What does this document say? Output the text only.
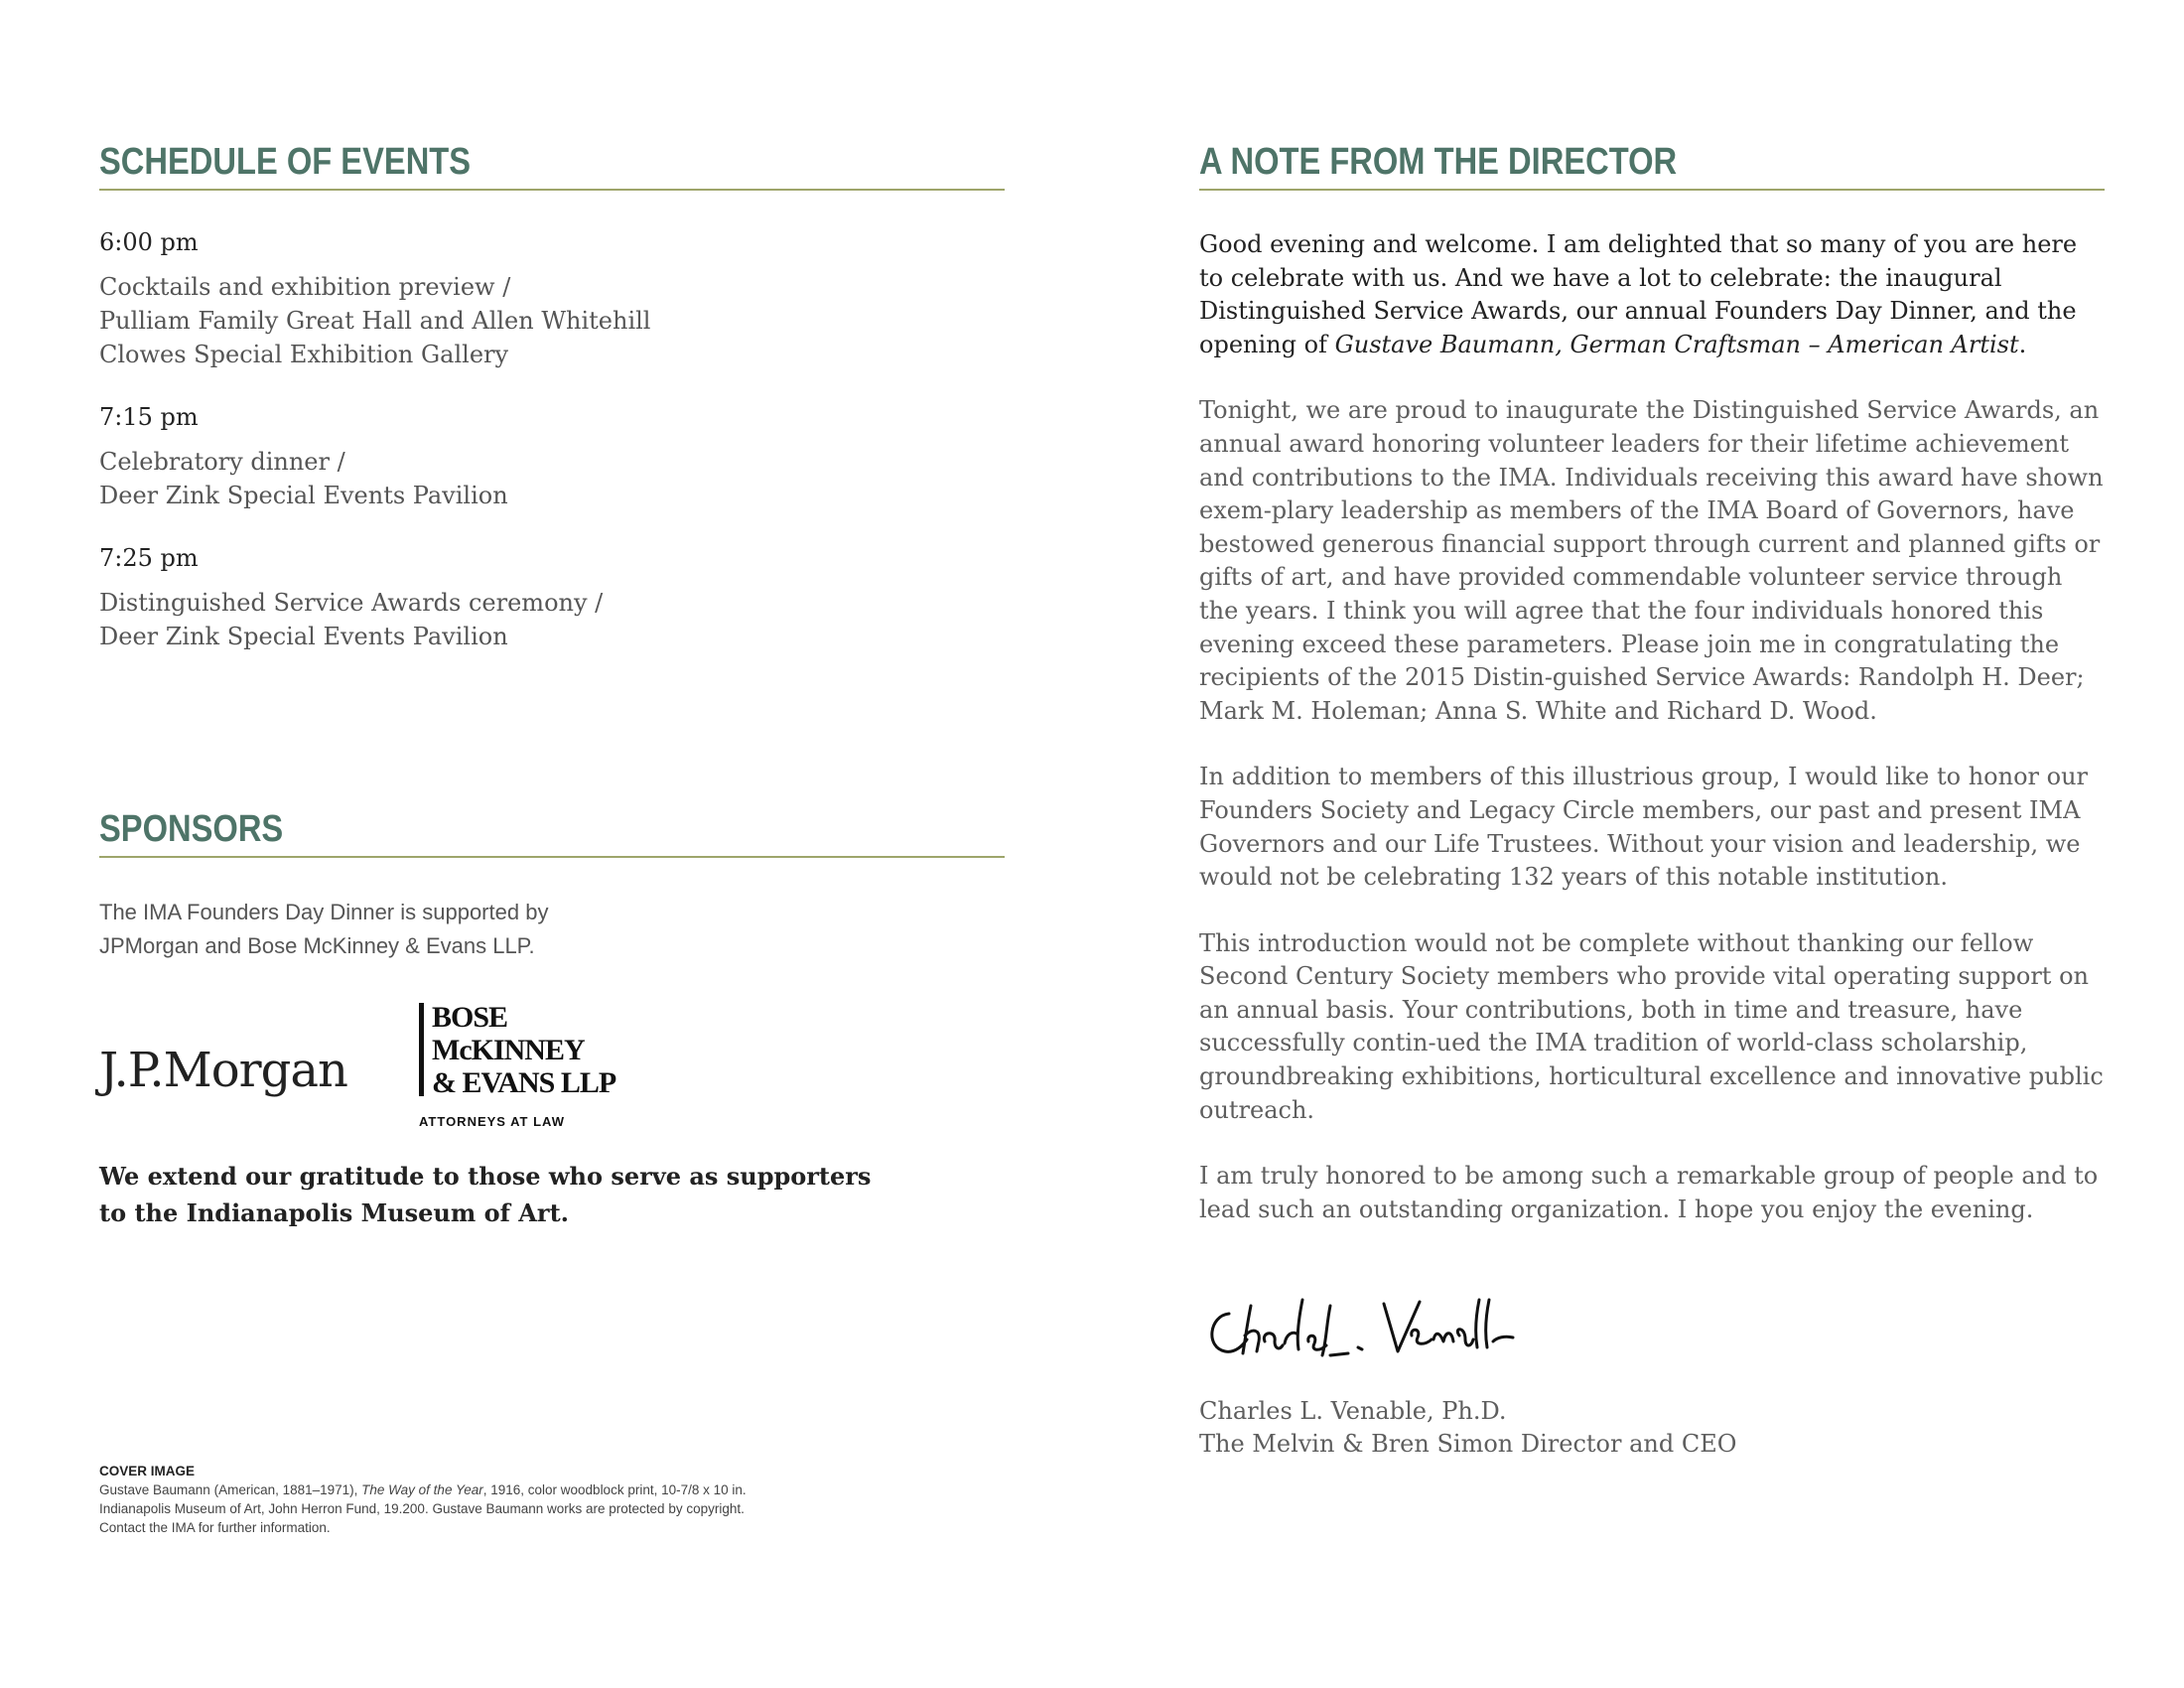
SCHEDULE OF EVENTS

6:00 pm

Cocktails and exhibition preview /
Pulliam Family Great Hall and Allen Whitehill
Clowes Special Exhibition Gallery

7:15 pm

Celebratory dinner /
Deer Zink Special Events Pavilion

7:25 pm

Distinguished Service Awards ceremony /
Deer Zink Special Events Pavilion

SPONSORS
The IMA Founders Day Dinner is supported by
JPMorgan and Bose McKinney & Evans LLP.
J.P.Morgan
BOSE
McKINNEY
& EVANS LLP
ATTORNEYS AT LAW
We extend our gratitude to those who serve as supporters
to the Indianapolis Museum of Art.
COVER IMAGE
Gustave Baumann (American, 1881–1971), The Way of the Year, 1916, color woodblock print, 10-7/8 x 10 in.
Indianapolis Museum of Art, John Herron Fund, 19.200. Gustave Baumann works are protected by copyright.
Contact the IMA for further information.
A NOTE FROM THE DIRECTOR

Good evening and welcome. I am delighted that so many of you are here to celebrate with us. And we have a lot to celebrate: the inaugural Distinguished Service Awards, our annual Founders Day Dinner, and the opening of Gustave Baumann, German Craftsman – American Artist.

Tonight, we are proud to inaugurate the Distinguished Service Awards, an annual award honoring volunteer leaders for their lifetime achievement and contributions to the IMA. Individuals receiving this award have shown exem-plary leadership as members of the IMA Board of Governors, have bestowed generous financial support through current and planned gifts or gifts of art, and have provided commendable volunteer service through the years. I think you will agree that the four individuals honored this evening exceed these parameters. Please join me in congratulating the recipients of the 2015 Distin-guished Service Awards: Randolph H. Deer; Mark M. Holeman; Anna S. White and Richard D. Wood.

In addition to members of this illustrious group, I would like to honor our Founders Society and Legacy Circle members, our past and present IMA Governors and our Life Trustees. Without your vision and leadership, we would not be celebrating 132 years of this notable institution.

This introduction would not be complete without thanking our fellow Second Century Society members who provide vital operating support on an annual basis. Your contributions, both in time and treasure, have successfully contin-ued the IMA tradition of world-class scholarship, groundbreaking exhibitions, horticultural excellence and innovative public outreach.

I am truly honored to be among such a remarkable group of people and to lead such an outstanding organization. I hope you enjoy the evening.

Charles L. Venable, Ph.D.
The Melvin & Bren Simon Director and CEO
